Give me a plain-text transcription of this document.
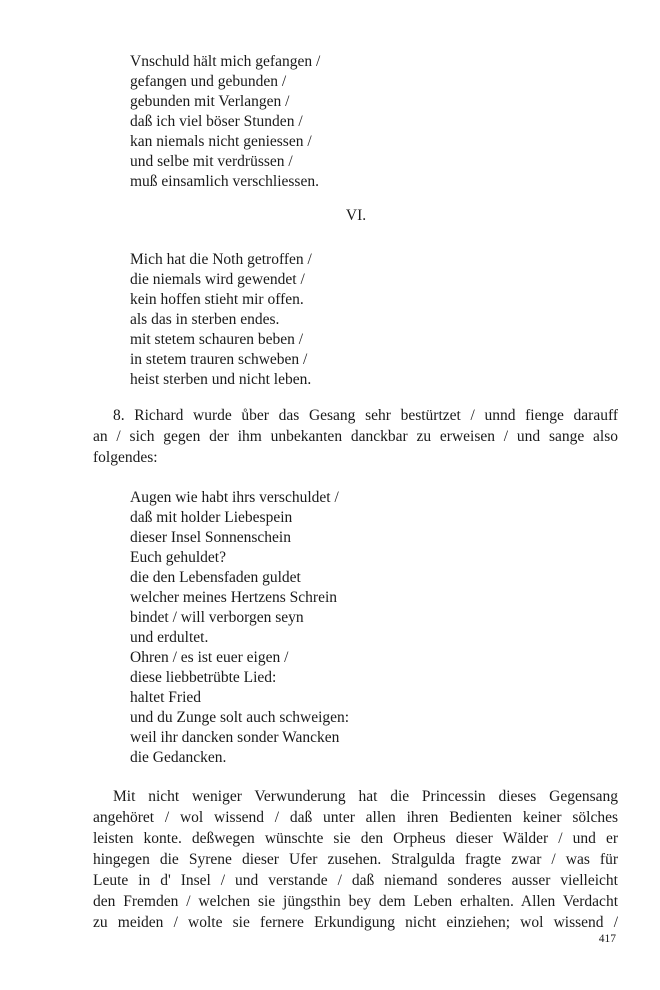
Vnschuld hält mich gefangen /
gefangen und gebunden /
gebunden mit Verlangen /
daß ich viel böser Stunden /
kan niemals nicht geniessen /
und selbe mit verdrüssen /
muß einsamlich verschliessen.

VI.

Mich hat die Noth getroffen /
die niemals wird gewendet /
kein hoffen stieht mir offen.
als das in sterben endes.
mit stetem schauren beben /
in stetem trauren schweben /
heist sterben und nicht leben.
8. Richard wurde ůber das Gesang sehr bestürtzet / unnd fienge darauff
an / sich gegen der ihm unbekanten danckbar zu erweisen / und sange also
folgendes:
Augen wie habt ihrs verschuldet /
daß mit holder Liebespein
dieser Insel Sonnenschein
Euch gehuldet?
die den Lebensfaden guldet
welcher meines Hertzens Schrein
bindet / will verborgen seyn
und erdultet.
Ohren / es ist euer eigen /
diese liebbetrübte Lied:
haltet Fried
und du Zunge solt auch schweigen:
weil ihr dancken sonder Wancken
die Gedancken.
Mit nicht weniger Verwunderung hat die Princessin dieses Gegensang
angehöret / wol wissend / daß unter allen ihren Bedienten keiner sölches
leisten konte. deßwegen wünschte sie den Orpheus dieser Wälder / und er
hingegen die Syrene dieser Ufer zusehen. Stralgulda fragte zwar / was für
Leute in d' Insel / und verstande / daß niemand sonderes ausser vielleicht
den Fremden / welchen sie jüngsthin bey dem Leben erhalten. Allen Verdacht
zu meiden / wolte sie fernere Erkundigung nicht einziehen; wol wissend /

417
